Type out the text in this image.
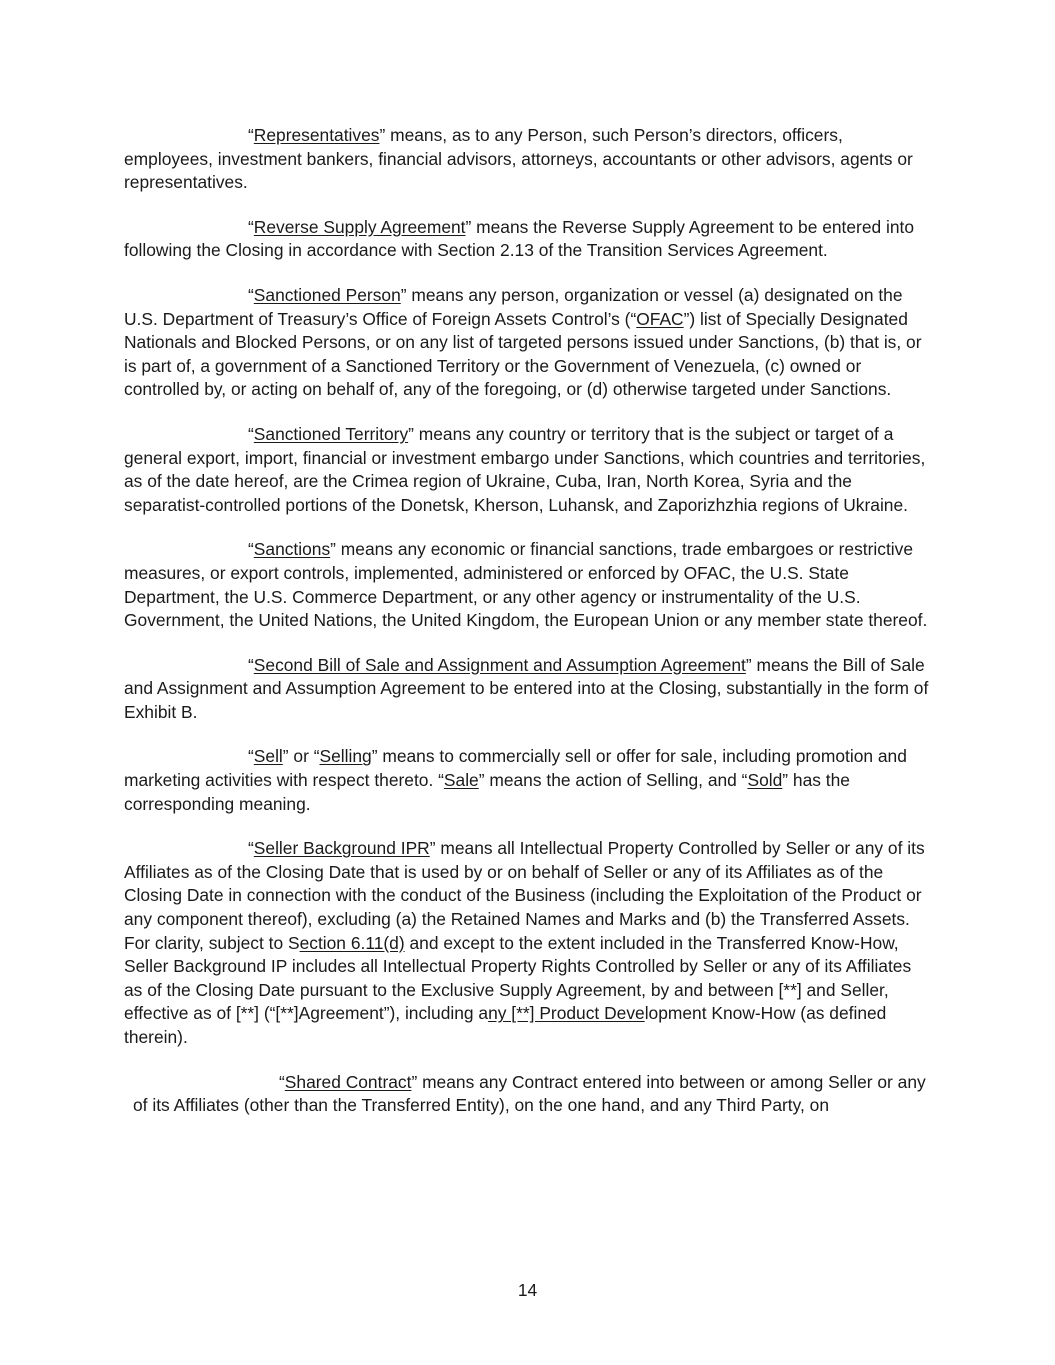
“Representatives” means, as to any Person, such Person’s directors, officers, employees, investment bankers, financial advisors, attorneys, accountants or other advisors, agents or representatives.

“Reverse Supply Agreement” means the Reverse Supply Agreement to be entered into following the Closing in accordance with Section 2.13 of the Transition Services Agreement.

“Sanctioned Person” means any person, organization or vessel (a) designated on the U.S. Department of Treasury’s Office of Foreign Assets Control’s (“OFAC”) list of Specially Designated Nationals and Blocked Persons, or on any list of targeted persons issued under Sanctions, (b) that is, or is part of, a government of a Sanctioned Territory or the Government of Venezuela, (c) owned or controlled by, or acting on behalf of, any of the foregoing, or (d) otherwise targeted under Sanctions.

“Sanctioned Territory” means any country or territory that is the subject or target of a general export, import, financial or investment embargo under Sanctions, which countries and territories, as of the date hereof, are the Crimea region of Ukraine, Cuba, Iran, North Korea, Syria and the separatist-controlled portions of the Donetsk, Kherson, Luhansk, and Zaporizhzhia regions of Ukraine.

“Sanctions” means any economic or financial sanctions, trade embargoes or restrictive measures, or export controls, implemented, administered or enforced by OFAC, the U.S. State Department, the U.S. Commerce Department, or any other agency or instrumentality of the U.S. Government, the United Nations, the United Kingdom, the European Union or any member state thereof.

“Second Bill of Sale and Assignment and Assumption Agreement” means the Bill of Sale and Assignment and Assumption Agreement to be entered into at the Closing, substantially in the form of Exhibit B.

“Sell” or “Selling” means to commercially sell or offer for sale, including promotion and marketing activities with respect thereto. “Sale” means the action of Selling, and “Sold” has the corresponding meaning.

“Seller Background IPR” means all Intellectual Property Controlled by Seller or any of its Affiliates as of the Closing Date that is used by or on behalf of Seller or any of its Affiliates as of the Closing Date in connection with the conduct of the Business (including the Exploitation of the Product or any component thereof), excluding (a) the Retained Names and Marks and (b) the Transferred Assets. For clarity, subject to Section 6.11(d) and except to the extent included in the Transferred Know-How, Seller Background IP includes all Intellectual Property Rights Controlled by Seller or any of its Affiliates as of the Closing Date pursuant to the Exclusive Supply Agreement, by and between [**] and Seller, effective as of [**] (“[**]Agreement”), including any [**] Product Development Know-How (as defined therein).

“Shared Contract” means any Contract entered into between or among Seller or any of its Affiliates (other than the Transferred Entity), on the one hand, and any Third Party, on

14
